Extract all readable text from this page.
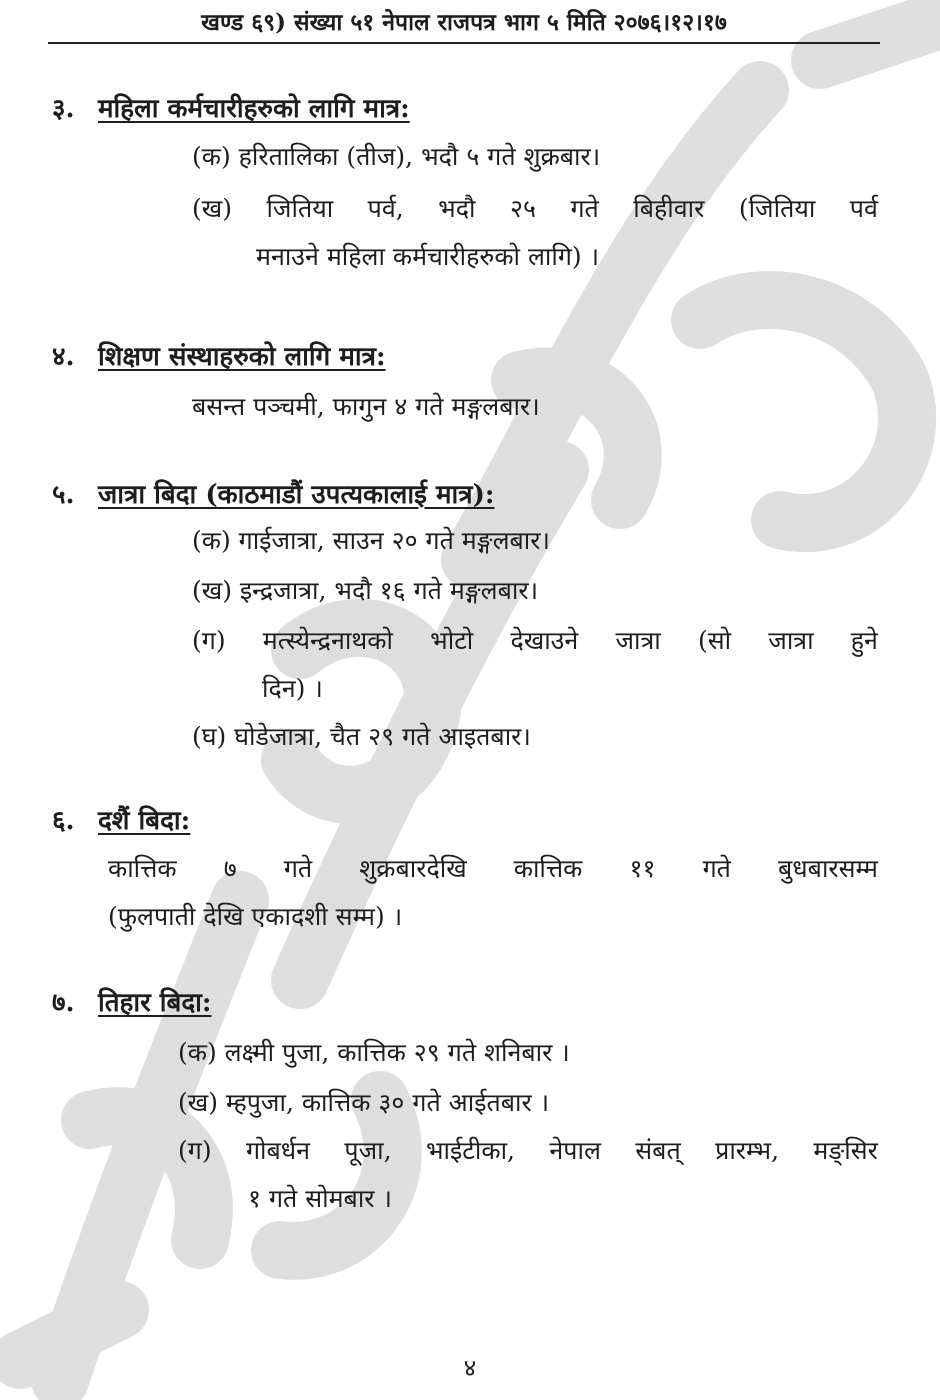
खण्ड ६९) संख्या ५१ नेपाल राजपत्र भाग ५ मिति २०७६।१२।१७
३. महिला कर्मचारीहरुको लागि मात्र:
(क) हरितालिका (तीज), भदौ ५ गते शुक्रबार।
(ख) जितिया पर्व, भदौ २५ गते बिहीवार (जितिया पर्व
मनाउने महिला कर्मचारीहरुको लागि) ।
४. शिक्षण संस्थाहरुको लागि मात्र:
बसन्त पञ्चमी, फागुन ४ गते मङ्गलबार।
५. जात्रा बिदा (काठमाडौं उपत्यकालाई मात्र):
(क) गाईजात्रा, साउन २० गते मङ्गलबार।
(ख) इन्द्रजात्रा, भदौ १६ गते मङ्गलबार।
(ग) मत्स्येन्द्रनाथको भोटो देखाउने जात्रा (सो जात्रा हुने
दिन) ।
(घ) घोडेजात्रा, चैत २९ गते आइतबार।
६. दशैं बिदा:
कात्तिक ७ गते शुक्रबारदेखि कात्तिक ११ गते बुधबारसम्म
(फुलपाती देखि एकादशी सम्म) ।
७. तिहार बिदा:
(क) लक्ष्मी पुजा, कात्तिक २९ गते शनिबार ।
(ख) म्हपुजा, कात्तिक ३० गते आईतबार ।
(ग) गोबर्धन पूजा, भाईटीका, नेपाल संबत् प्रारम्भ, मङ्सिर
१ गते सोमबार ।
४
